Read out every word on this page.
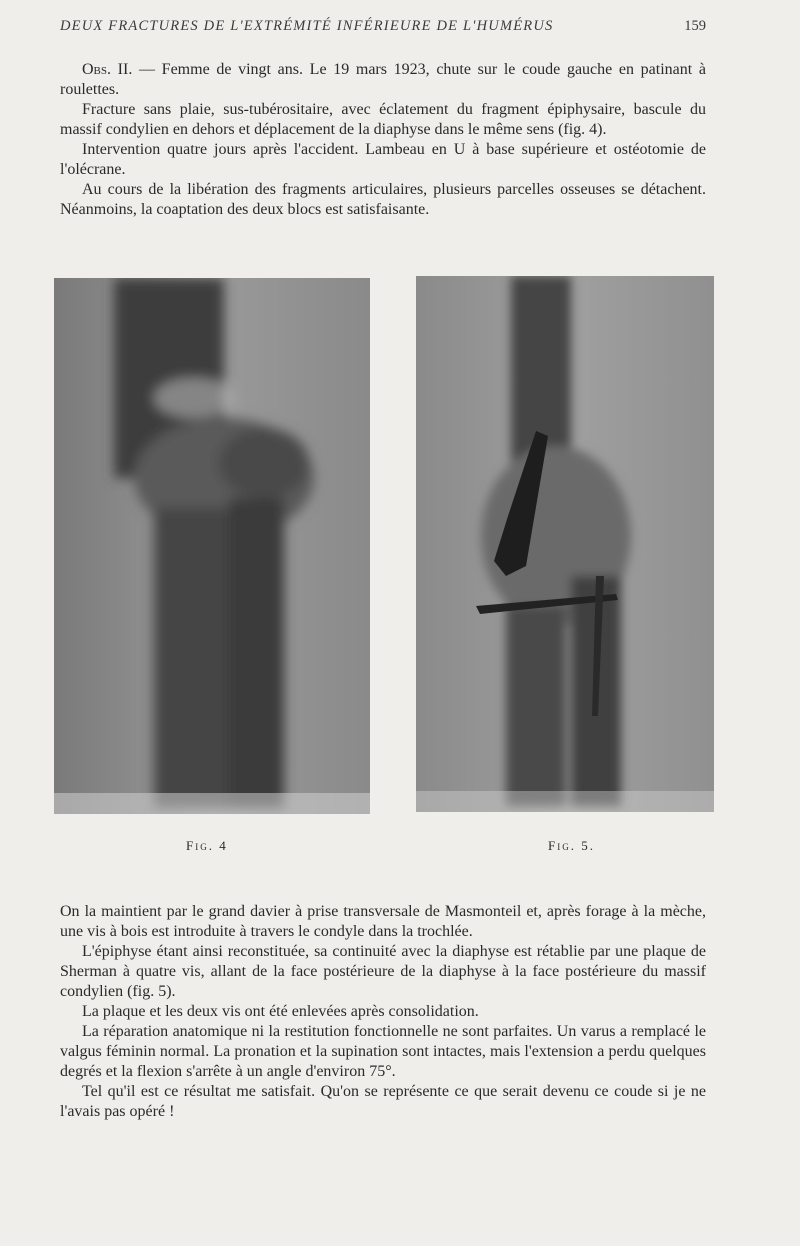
DEUX FRACTURES DE L'EXTRÉMITÉ INFÉRIEURE DE L'HUMÉRUS	159

Obs. II. — Femme de vingt ans. Le 19 mars 1923, chute sur le coude gauche en patinant à roulettes.

Fracture sans plaie, sus-tubérositaire, avec éclatement du fragment épiphysaire, bascule du massif condylien en dehors et déplacement de la diaphyse dans le même sens (fig. 4).

Intervention quatre jours après l'accident. Lambeau en U à base supérieure et ostéotomie de l'olécrane.

Au cours de la libération des fragments articulaires, plusieurs parcelles osseuses se détachent. Néanmoins, la coaptation des deux blocs est satisfaisante.

Fig. 4	Fig. 5.

On la maintient par le grand davier à prise transversale de Masmonteil et, après forage à la mèche, une vis à bois est introduite à travers le condyle dans la trochlée.

L'épiphyse étant ainsi reconstituée, sa continuité avec la diaphyse est rétablie par une plaque de Sherman à quatre vis, allant de la face postérieure de la diaphyse à la face postérieure du massif condylien (fig. 5).

La plaque et les deux vis ont été enlevées après consolidation.

La réparation anatomique ni la restitution fonctionnelle ne sont parfaites. Un varus a remplacé le valgus féminin normal. La pronation et la supination sont intactes, mais l'extension a perdu quelques degrés et la flexion s'arrête à un angle d'environ 75°.

Tel qu'il est ce résultat me satisfait. Qu'on se représente ce que serait devenu ce coude si je ne l'avais pas opéré !
